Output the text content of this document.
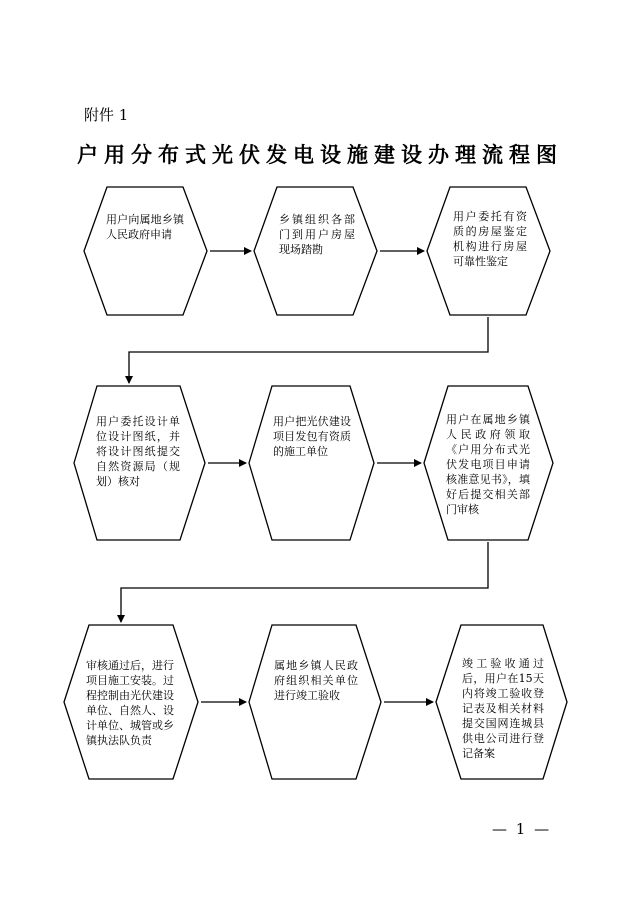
附件 1
户用分布式光伏发电设施建设办理流程图
用户向属地乡镇人民政府申请
乡镇组织各部门到用户房屋现场踏勘
用户委托有资质的房屋鉴定机构进行房屋可靠性鉴定
用户委托设计单位设计图纸，并将设计图纸提交自然资源局（规划）核对
用户把光伏建设项目发包有资质的施工单位
用户在属地乡镇人民政府领取《户用分布式光伏发电项目申请核准意见书》，填好后提交相关部门审核
审核通过后，进行项目施工安装。过程控制由光伏建设单位、自然人、设计单位、城管或乡镇执法队负责
属地乡镇人民政府组织相关单位进行竣工验收
竣工验收通过后，用户在15天内将竣工验收登记表及相关材料提交国网连城县供电公司进行登记备案
— 1 —
